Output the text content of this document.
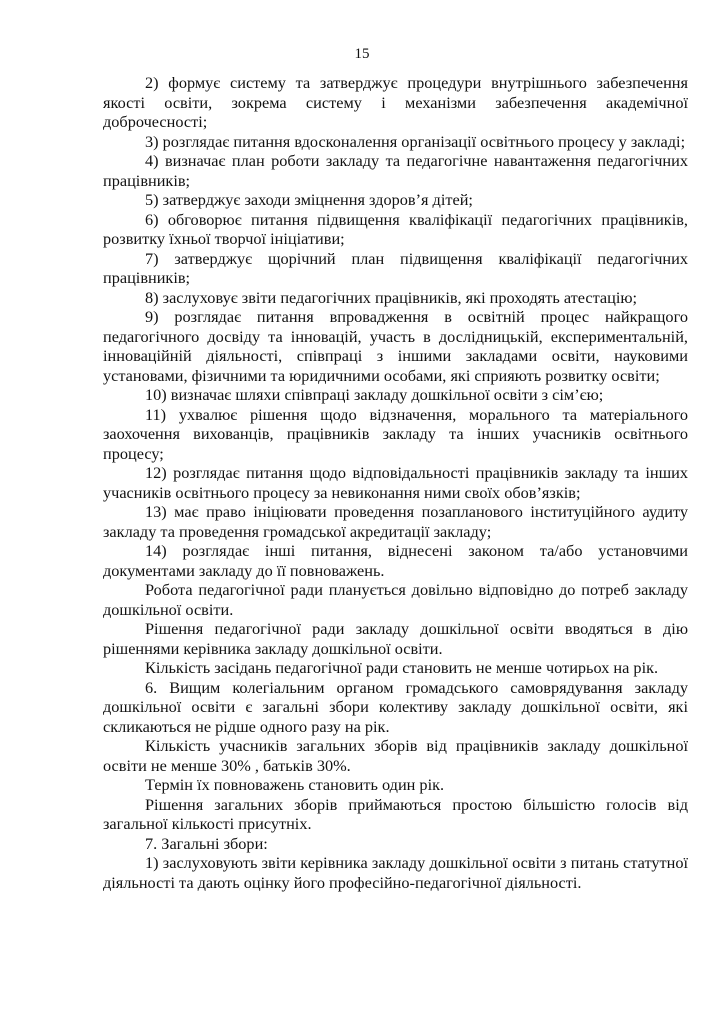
15

2) формує систему та затверджує процедури внутрішнього забезпечення якості освіти, зокрема систему і механізми забезпечення академічної доброчесності;

3) розглядає питання вдосконалення організації освітнього процесу у закладі;

4) визначає план роботи закладу та педагогічне навантаження педагогічних працівників;

5) затверджує заходи зміцнення здоров’я дітей;

6) обговорює питання підвищення кваліфікації педагогічних працівників, розвитку їхньої творчої ініціативи;

7) затверджує щорічний план підвищення кваліфікації педагогічних працівників;

8) заслуховує звіти педагогічних працівників, які проходять атестацію;

9) розглядає питання впровадження в освітній процес найкращого педагогічного досвіду та інновацій, участь в дослідницькій, експериментальній, інноваційній діяльності, співпраці з іншими закладами освіти, науковими установами, фізичними та юридичними особами, які сприяють розвитку освіти;

10) визначає шляхи співпраці закладу дошкільної освіти з сім’єю;

11) ухвалює рішення щодо відзначення, морального та матеріального заохочення вихованців, працівників закладу та інших учасників освітнього процесу;

12) розглядає питання щодо відповідальності працівників закладу та інших учасників освітнього процесу за невиконання ними своїх обов’язків;

13) має право ініціювати проведення позапланового інституційного аудиту закладу та проведення громадської акредитації закладу;

14) розглядає інші питання, віднесені законом та/або установчими документами закладу до її повноважень.

Робота педагогічної ради планується довільно відповідно до потреб закладу дошкільної освіти.

Рішення педагогічної ради закладу дошкільної освіти вводяться в дію рішеннями керівника закладу дошкільної освіти.

Кількість засідань педагогічної ради становить не менше чотирьох на рік.

6. Вищим колегіальним органом громадського самоврядування закладу дошкільної освіти є загальні збори колективу закладу дошкільної освіти, які скликаються не рідше одного разу на рік.

Кількість учасників загальних зборів від працівників закладу дошкільної освіти не менше 30% , батьків 30%.

Термін їх повноважень становить один рік.

Рішення загальних зборів приймаються простою більшістю голосів від загальної кількості присутніх.

7. Загальні збори:

1) заслуховують звіти керівника закладу дошкільної освіти з питань статутної діяльності та дають оцінку його професійно-педагогічної діяльності.
